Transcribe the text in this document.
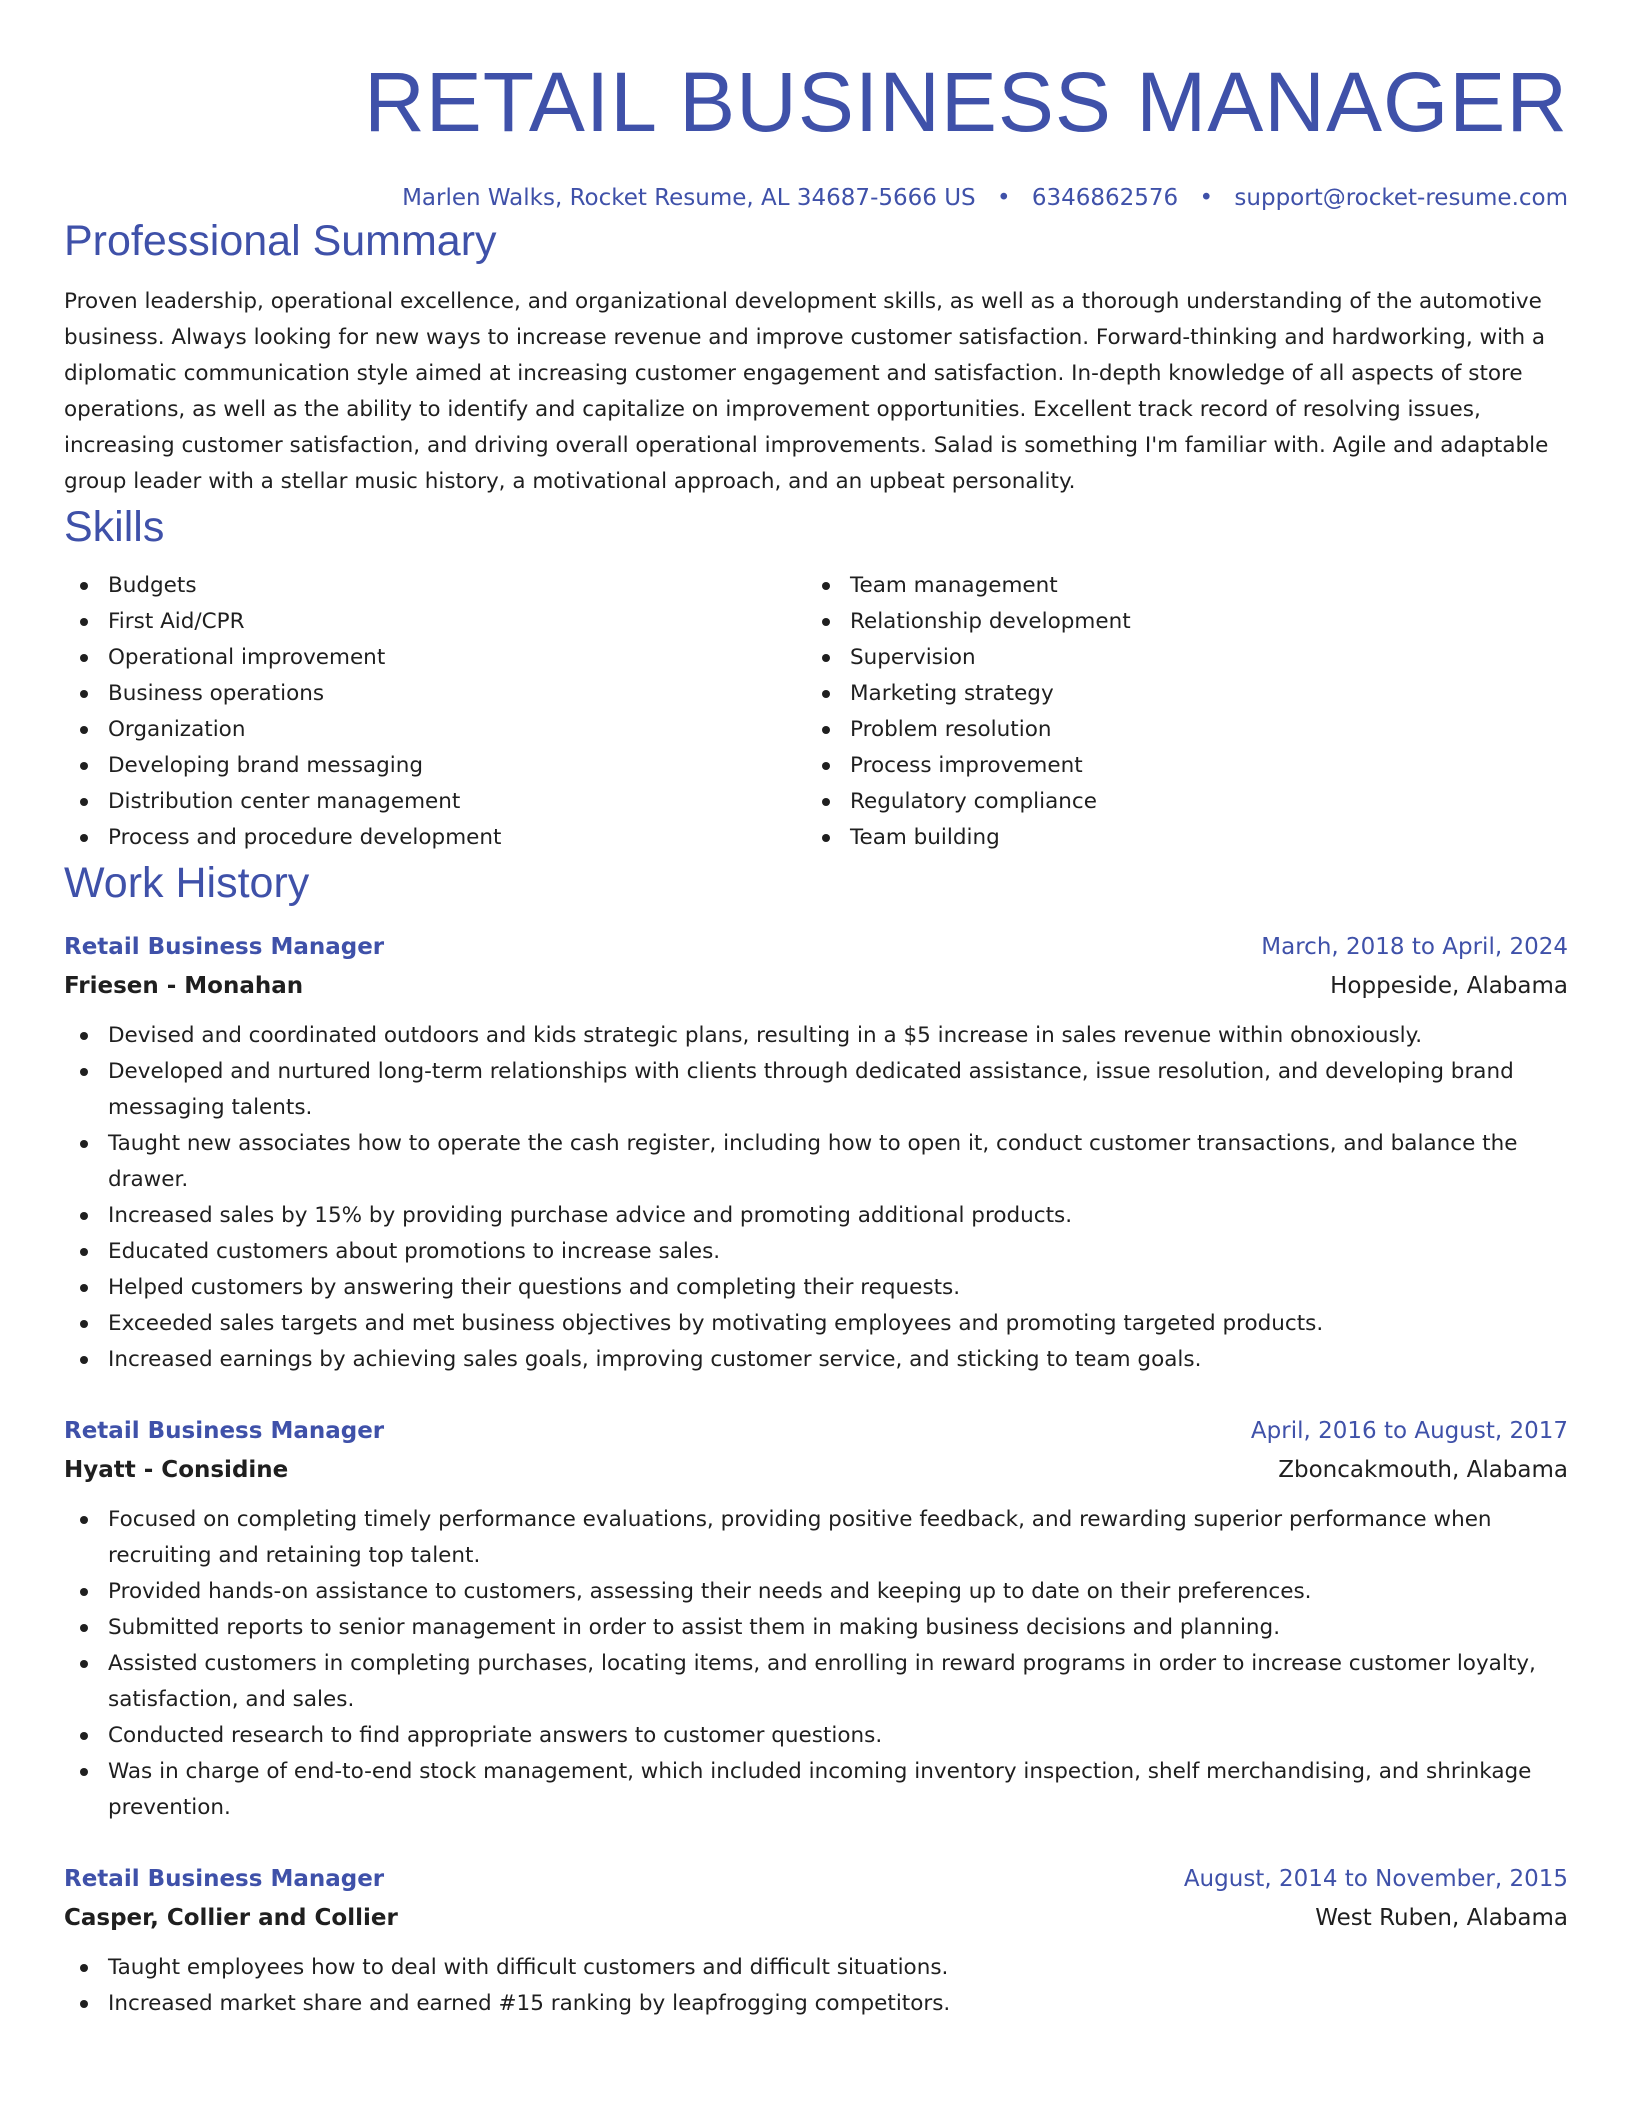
RETAIL BUSINESS MANAGER
Marlen Walks, Rocket Resume, AL 34687-5666 US • 6346862576 • support@rocket-resume.com
Professional Summary

Proven leadership, operational excellence, and organizational development skills, as well as a thorough understanding of the automotive business. Always looking for new ways to increase revenue and improve customer satisfaction. Forward-thinking and hardworking, with a diplomatic communication style aimed at increasing customer engagement and satisfaction. In-depth knowledge of all aspects of store operations, as well as the ability to identify and capitalize on improvement opportunities. Excellent track record of resolving issues, increasing customer satisfaction, and driving overall operational improvements. Salad is something I'm familiar with. Agile and adaptable group leader with a stellar music history, a motivational approach, and an upbeat personality.

Skills
Budgets
First Aid/CPR
Operational improvement
Business operations
Organization
Developing brand messaging
Distribution center management
Process and procedure development
Team management
Relationship development
Supervision
Marketing strategy
Problem resolution
Process improvement
Regulatory compliance
Team building
Work History
Retail Business Manager	March, 2018 to April, 2024
Friesen - Monahan	Hoppeside, Alabama
Devised and coordinated outdoors and kids strategic plans, resulting in a $5 increase in sales revenue within obnoxiously.
Developed and nurtured long-term relationships with clients through dedicated assistance, issue resolution, and developing brand messaging talents.
Taught new associates how to operate the cash register, including how to open it, conduct customer transactions, and balance the drawer.
Increased sales by 15% by providing purchase advice and promoting additional products.
Educated customers about promotions to increase sales.
Helped customers by answering their questions and completing their requests.
Exceeded sales targets and met business objectives by motivating employees and promoting targeted products.
Increased earnings by achieving sales goals, improving customer service, and sticking to team goals.
Retail Business Manager	April, 2016 to August, 2017
Hyatt - Considine	Zboncakmouth, Alabama
Focused on completing timely performance evaluations, providing positive feedback, and rewarding superior performance when recruiting and retaining top talent.
Provided hands-on assistance to customers, assessing their needs and keeping up to date on their preferences.
Submitted reports to senior management in order to assist them in making business decisions and planning.
Assisted customers in completing purchases, locating items, and enrolling in reward programs in order to increase customer loyalty, satisfaction, and sales.
Conducted research to find appropriate answers to customer questions.
Was in charge of end-to-end stock management, which included incoming inventory inspection, shelf merchandising, and shrinkage prevention.
Retail Business Manager	August, 2014 to November, 2015
Casper, Collier and Collier	West Ruben, Alabama
Taught employees how to deal with difficult customers and difficult situations.
Increased market share and earned #15 ranking by leapfrogging competitors.
